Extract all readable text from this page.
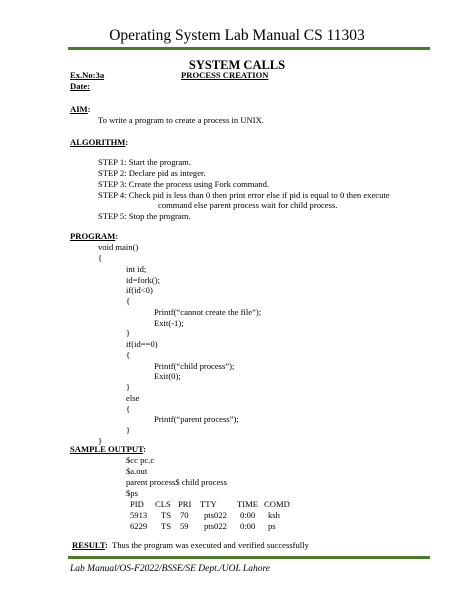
Operating System Lab Manual CS 11303
SYSTEM CALLS
Ex.No:3a	PROCESS CREATION
Date:
AIM:
To write a program to create a process in UNIX.
ALGORITHM:
STEP 1: Start the program.
STEP 2: Declare pid as integer.
STEP 3: Create the process using Fork command.
STEP 4: Check pid is less than 0 then print error else if pid is equal to 0 then execute
command else parent process wait for child process.
STEP 5: Stop the program.
PROGRAM:
void main()
{
int id;
id=fork();
if(id<0)
{
Printf(“cannot create the file”);
Exit(-1);
}
if(id==0)
{
Printf(“child process”);
Exit(0);
}
else
{
Printf(“parent process”);
}
}
SAMPLE OUTPUT:
$cc pc.c
$a.out
parent process$ child process
$ps
PID CLS PRI TTY TIME COMD
5913 TS 70 pts022 0:00 ksh
6229 TS 59 pts022 0:00 ps
RESULT: Thus the program was executed and verified successfully
Lab Manual/OS-F2022/BSSE/SE Dept./UOL Lahore
